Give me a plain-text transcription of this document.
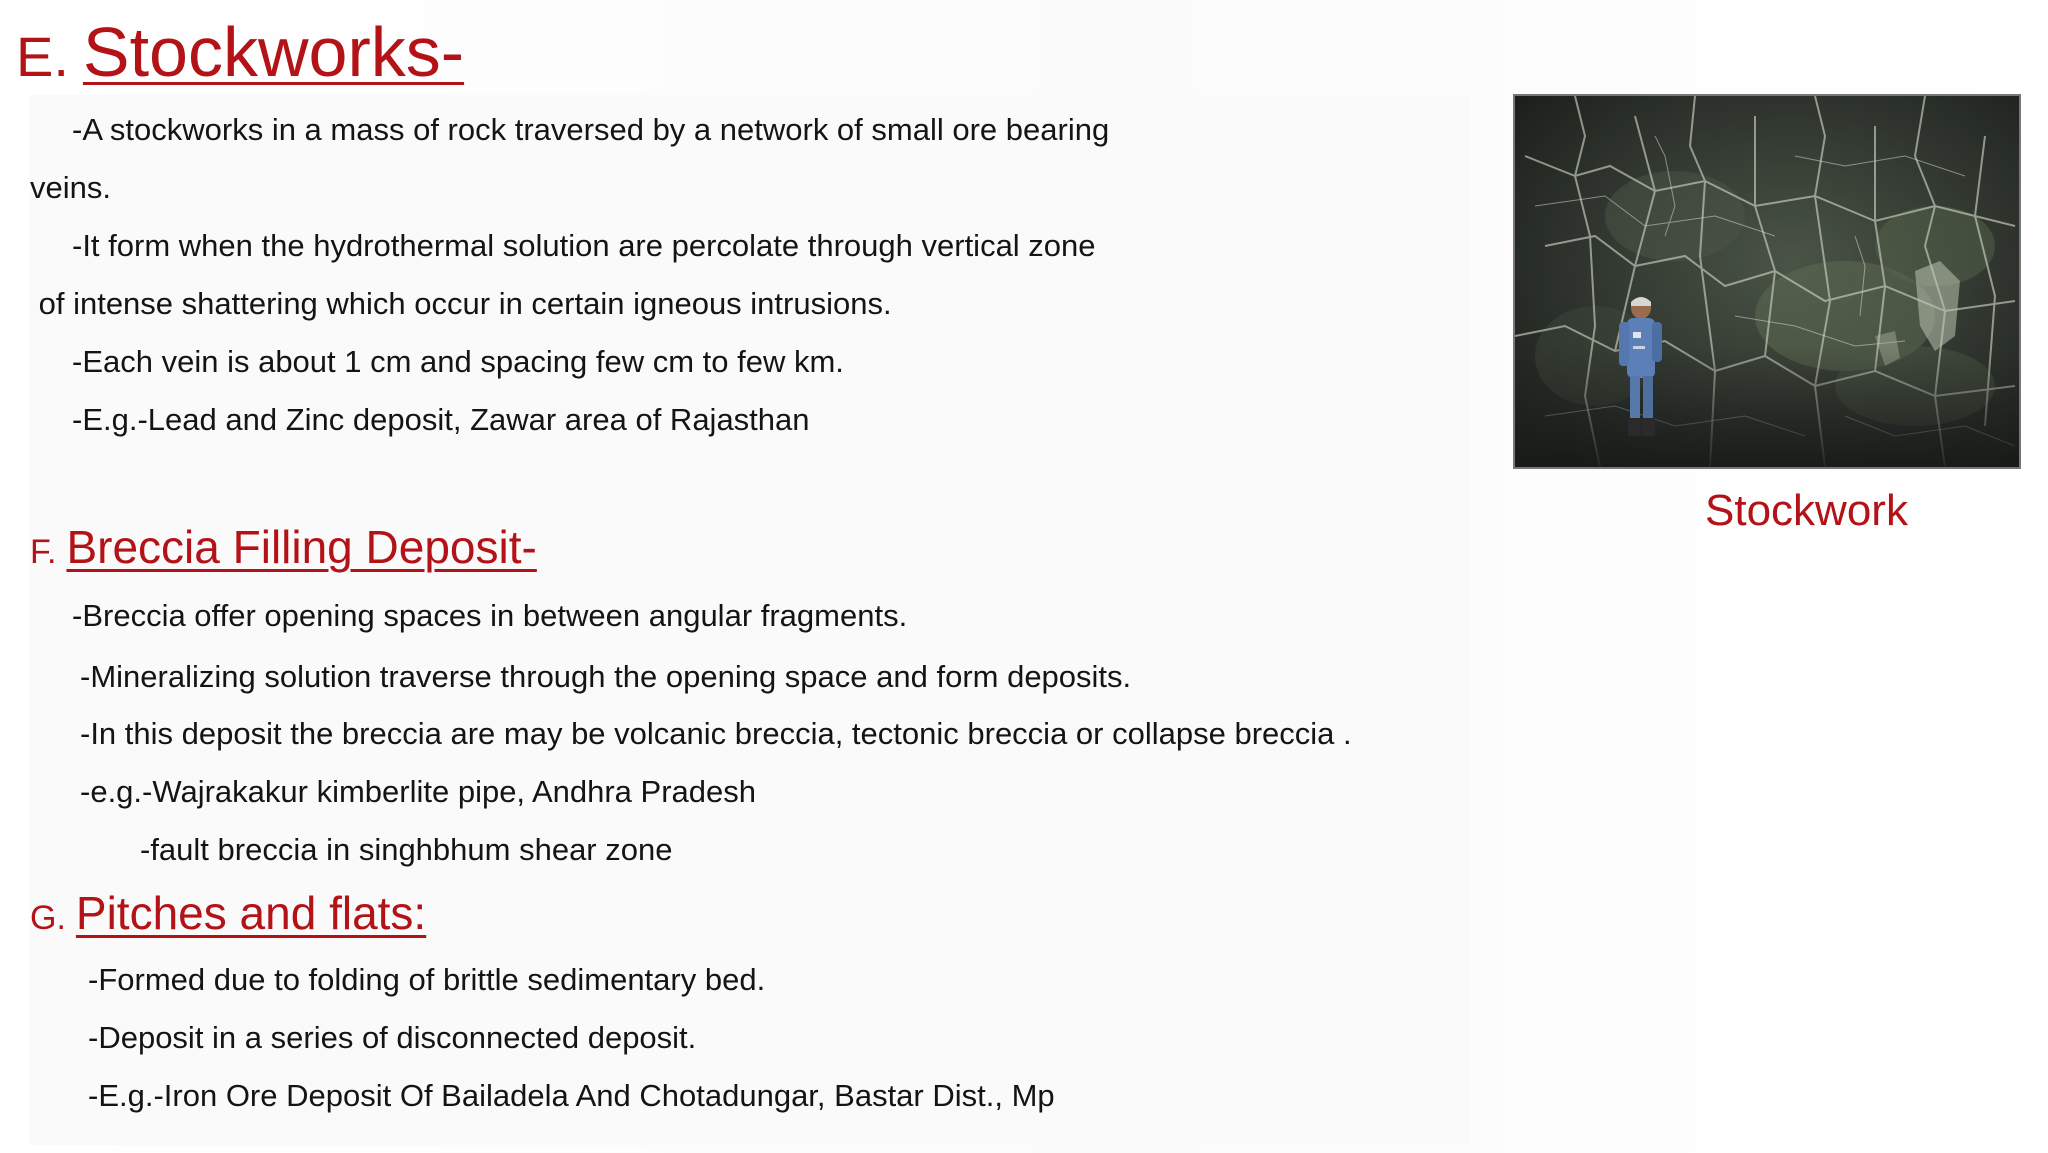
E. Stockworks-
-A stockworks in a mass of rock traversed by a network of small ore bearing
veins.
-It form when the hydrothermal solution are percolate through vertical zone
of intense shattering which occur in certain igneous intrusions.
-Each vein is about 1 cm and spacing few cm to few km.
-E.g.-Lead and Zinc deposit, Zawar area of Rajasthan
F. Breccia Filling Deposit-
-Breccia offer opening spaces in between angular fragments.
-Mineralizing solution traverse through the opening space and form deposits.
-In this deposit the breccia are may be volcanic breccia, tectonic breccia or collapse breccia .
-e.g.-Wajrakakur kimberlite pipe, Andhra Pradesh
-fault breccia in singhbhum shear zone
G. Pitches and flats:
-Formed due to folding of brittle sedimentary bed.
-Deposit in a series of disconnected deposit.
-E.g.-Iron Ore Deposit Of Bailadela And Chotadungar, Bastar Dist., Mp
Stockwork
